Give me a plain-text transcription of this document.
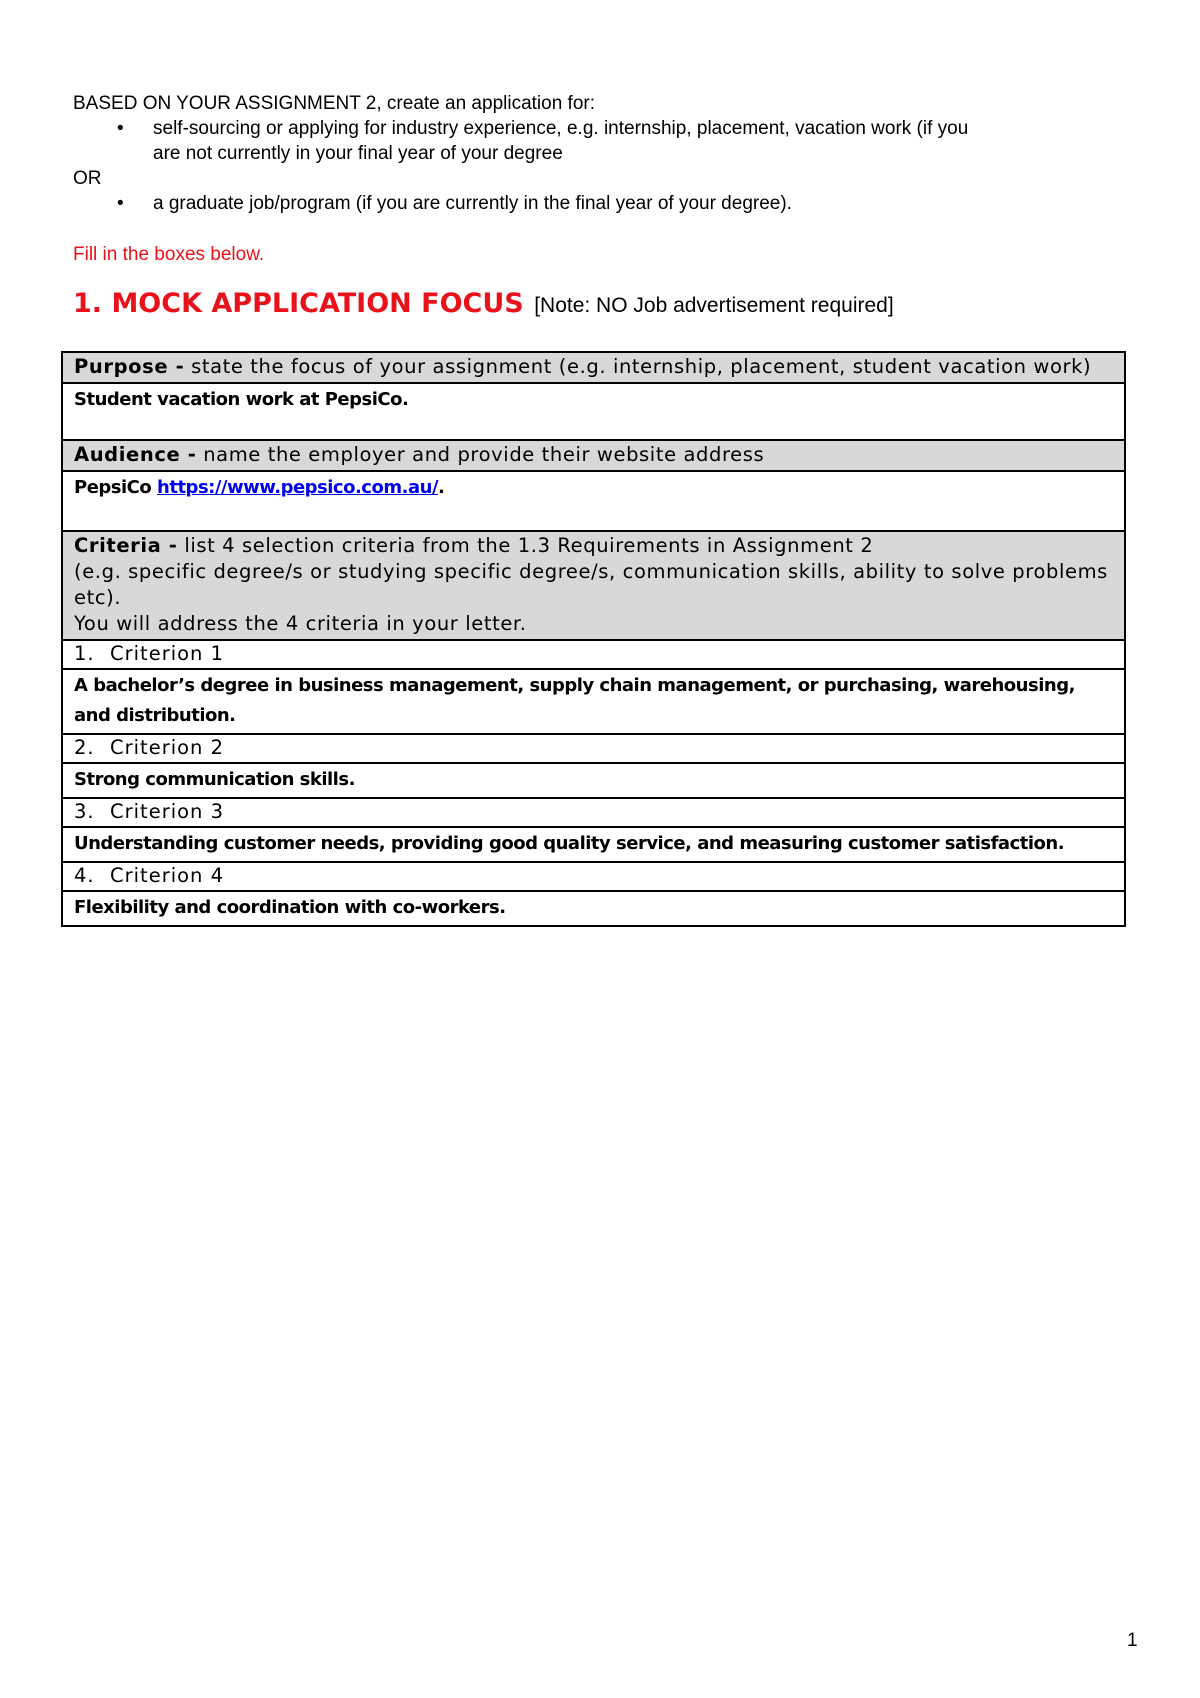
BASED ON YOUR ASSIGNMENT 2, create an application for:

• self-sourcing or applying for industry experience, e.g. internship, placement, vacation work (if you
are not currently in your final year of your degree

OR

• a graduate job/program (if you are currently in the final year of your degree).
Fill in the boxes below.
1. MOCK APPLICATION FOCUS [Note: NO Job advertisement required]
Purpose - state the focus of your assignment (e.g. internship, placement, student vacation work)
Student vacation work at PepsiCo.
Audience - name the employer and provide their website address
PepsiCo https://www.pepsico.com.au/.
Criteria - list 4 selection criteria from the 1.3 Requirements in Assignment 2
(e.g. specific degree/s or studying specific degree/s, communication skills, ability to solve problems etc).
You will address the 4 criteria in your letter.
1. Criterion 1
A bachelor’s degree in business management, supply chain management, or purchasing, warehousing, and distribution.
2. Criterion 2
Strong communication skills.
3. Criterion 3
Understanding customer needs, providing good quality service, and measuring customer satisfaction.
4. Criterion 4
Flexibility and coordination with co-workers.
1
